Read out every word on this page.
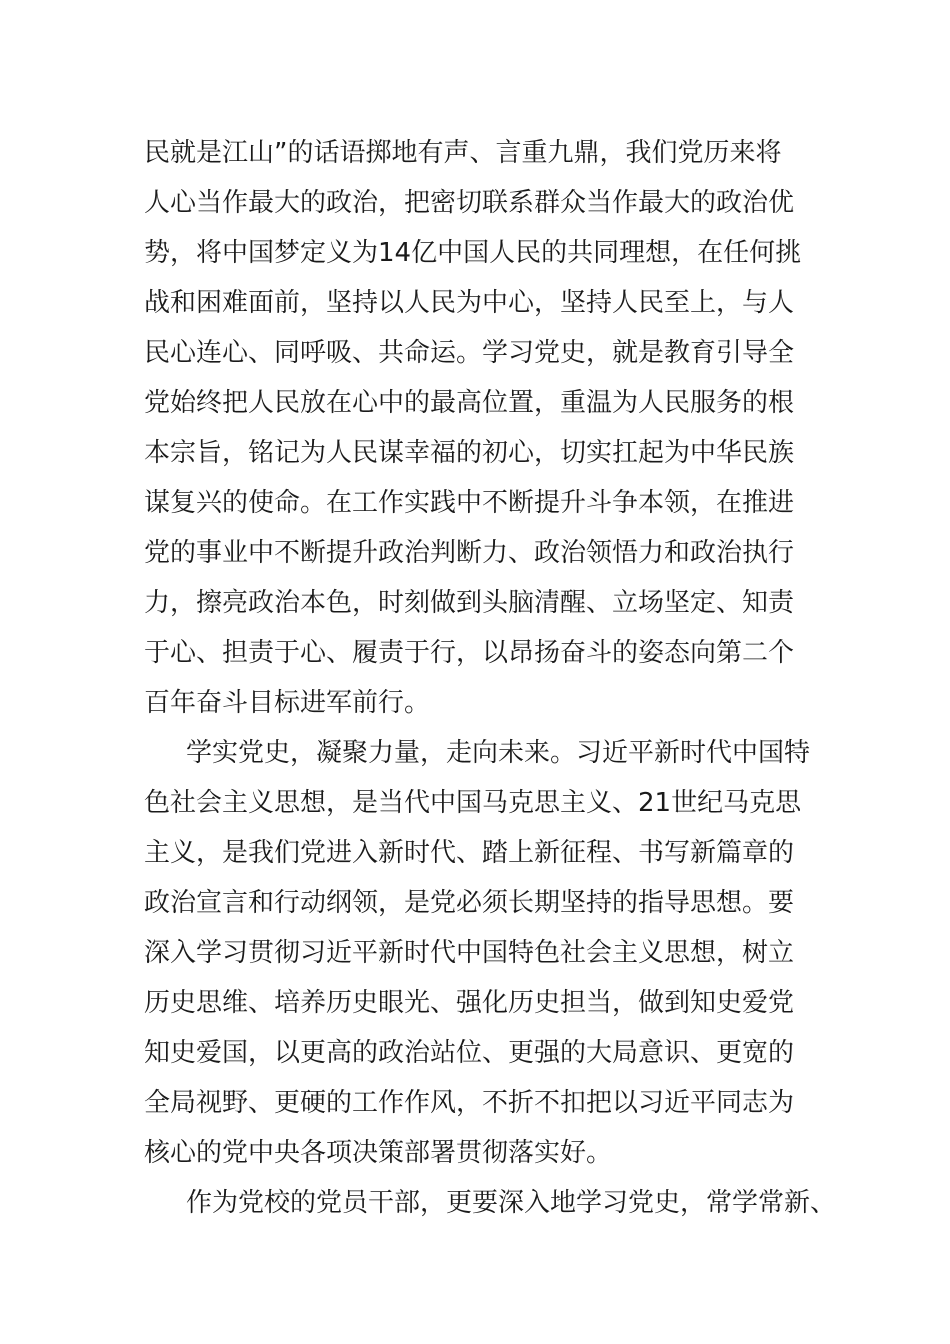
民就是江山”的话语掷地有声、言重九鼎，我们党历来将
人心当作最大的政治，把密切联系群众当作最大的政治优
势，将中国梦定义为14亿中国人民的共同理想，在任何挑
战和困难面前，坚持以人民为中心，坚持人民至上，与人
民心连心、同呼吸、共命运。学习党史，就是教育引导全
党始终把人民放在心中的最高位置，重温为人民服务的根
本宗旨，铭记为人民谋幸福的初心，切实扛起为中华民族
谋复兴的使命。在工作实践中不断提升斗争本领，在推进
党的事业中不断提升政治判断力、政治领悟力和政治执行
力，擦亮政治本色，时刻做到头脑清醒、立场坚定、知责
于心、担责于心、履责于行，以昂扬奋斗的姿态向第二个
百年奋斗目标进军前行。
学实党史，凝聚力量，走向未来。习近平新时代中国特
色社会主义思想，是当代中国马克思主义、21世纪马克思
主义，是我们党进入新时代、踏上新征程、书写新篇章的
政治宣言和行动纲领，是党必须长期坚持的指导思想。要
深入学习贯彻习近平新时代中国特色社会主义思想，树立
历史思维、培养历史眼光、强化历史担当，做到知史爱党
知史爱国，以更高的政治站位、更强的大局意识、更宽的
全局视野、更硬的工作作风，不折不扣把以习近平同志为
核心的党中央各项决策部署贯彻落实好。
作为党校的党员干部，更要深入地学习党史，常学常新、
